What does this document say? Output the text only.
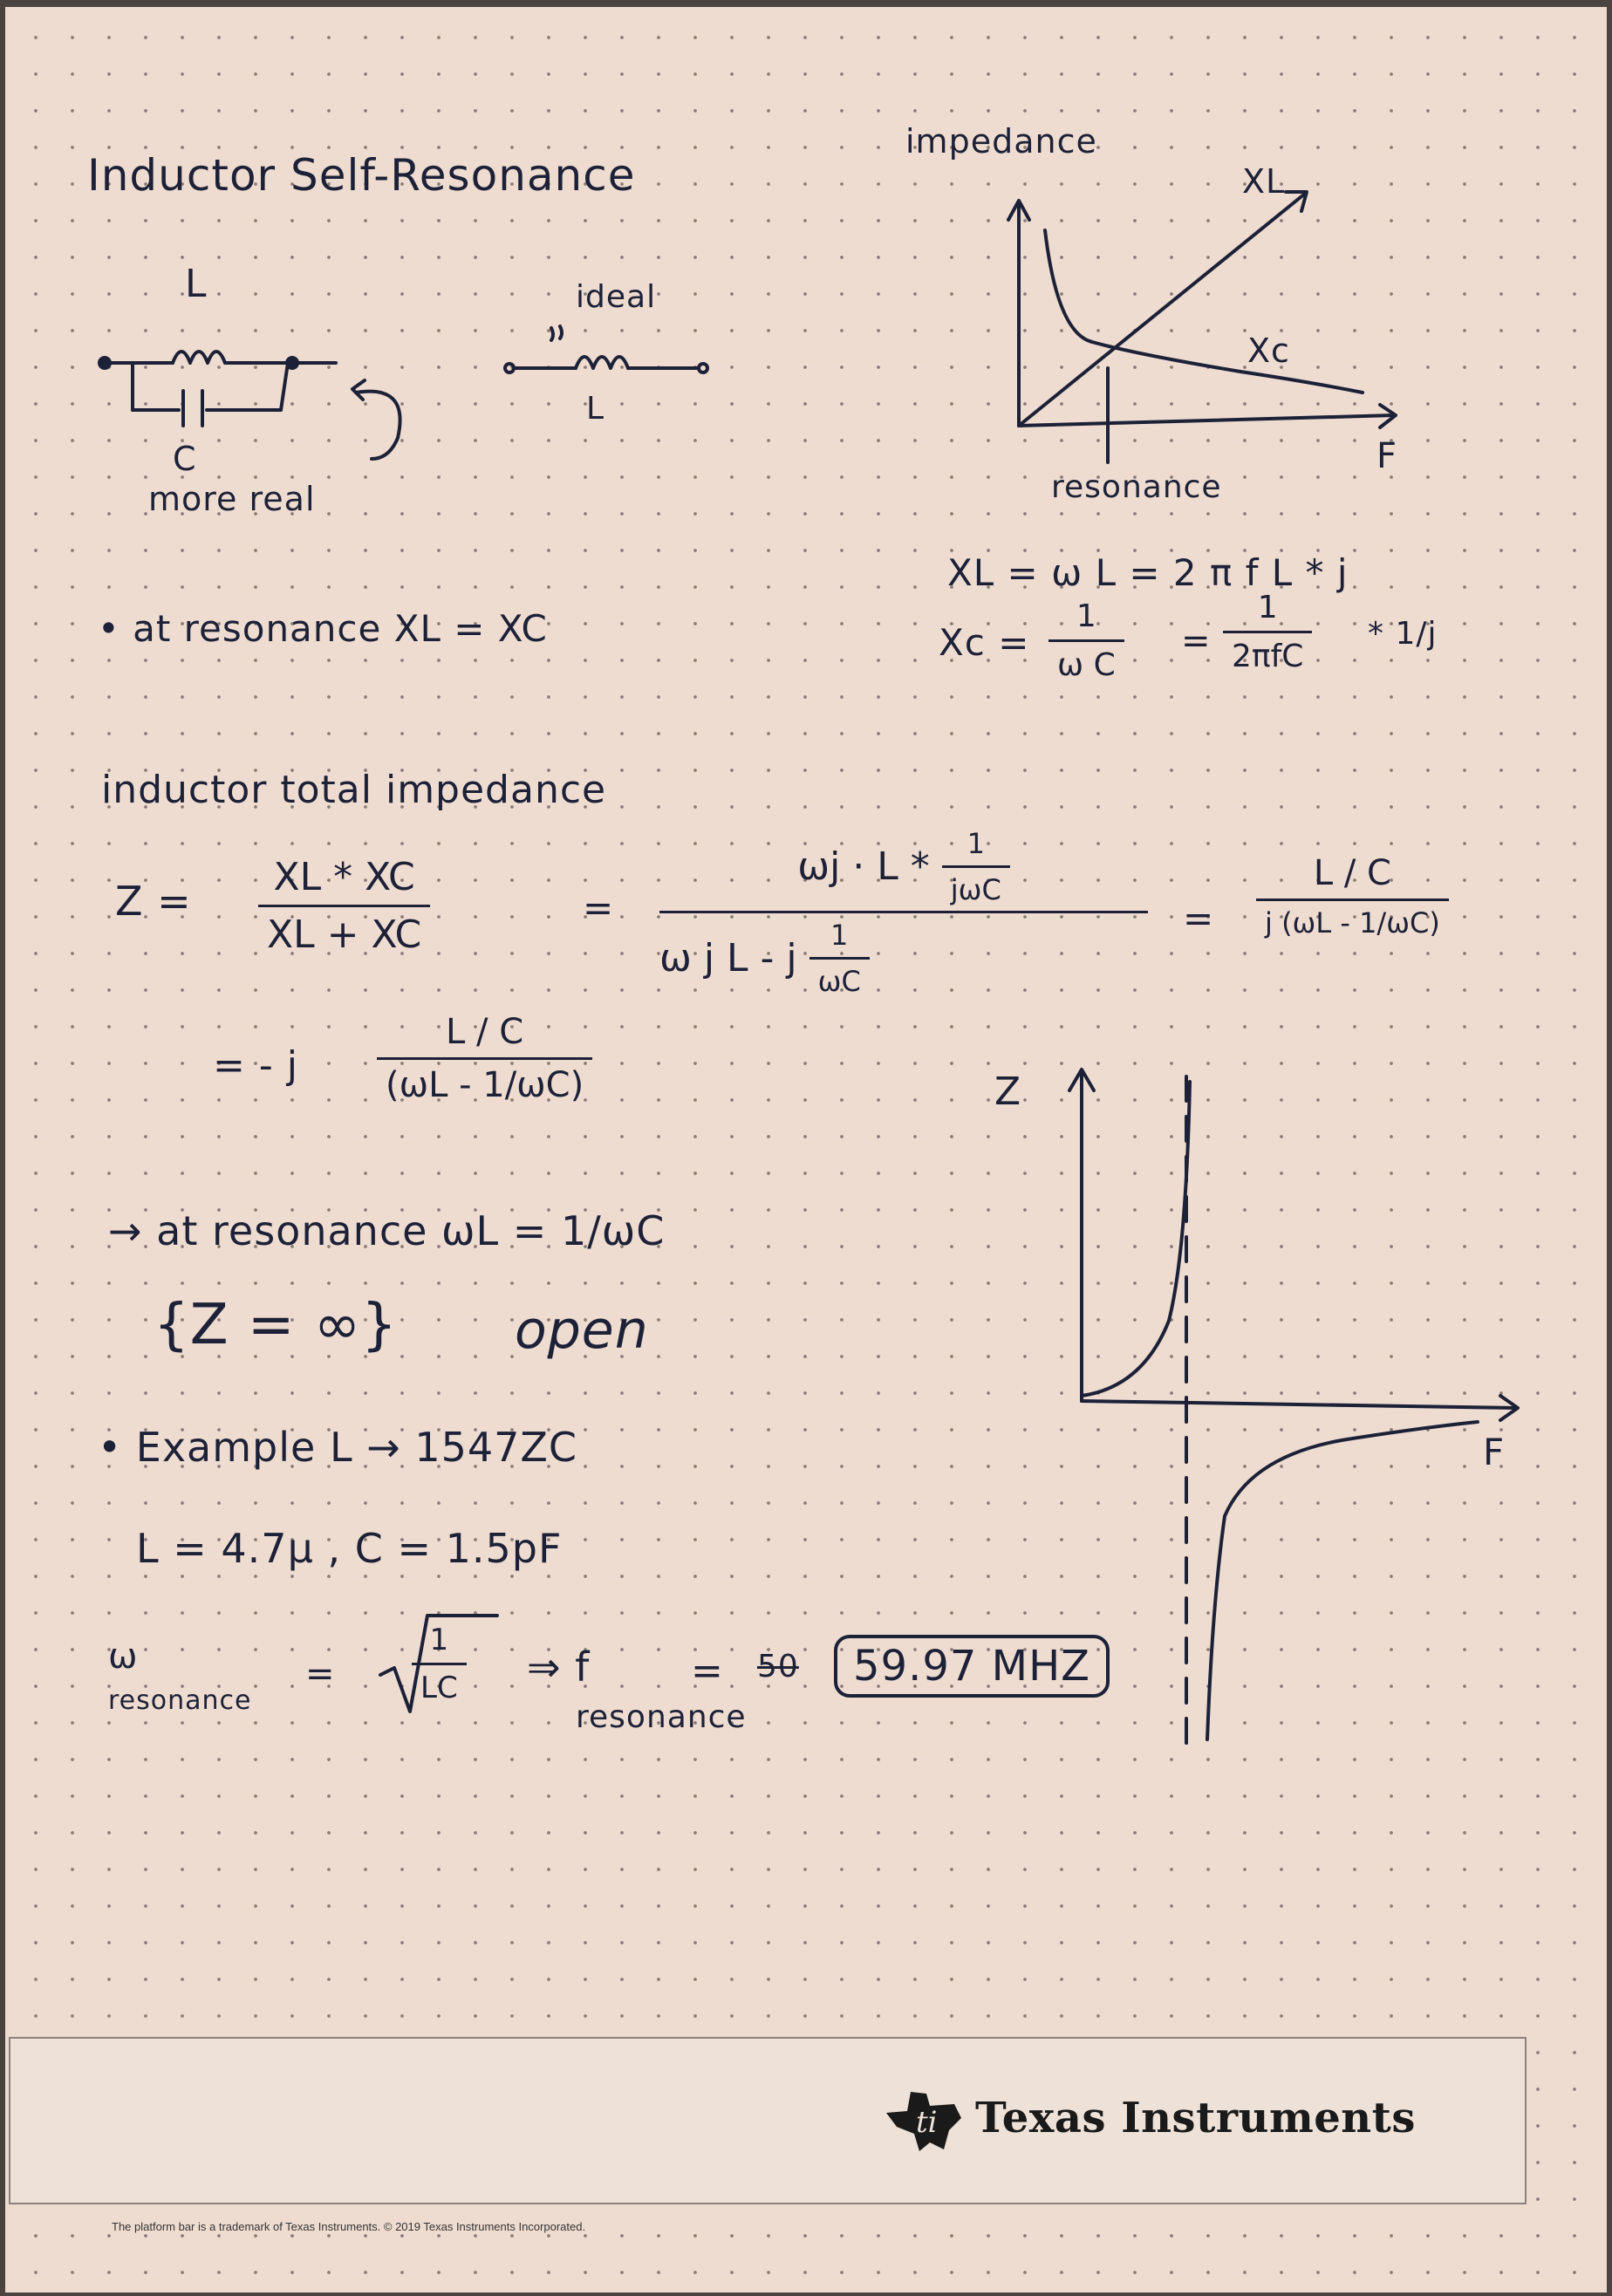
Inductor Self-Resonance
L
C
more real
ideal
L
impedance
XL
Xc
F
resonance
XL = ω L = 2 π f L * j
Xc =
1
ω C
=
1
2πfC
* 1/j
• at resonance XL = XC
inductor total impedance
Z =
XL * XC
XL + XC
=
$\omega j \cdot L * \frac{1}{\text{jωC}}$
ω j L - j $\frac{1}{\omega C}$	=
L / C
j (ωL - 1/ωC)
= - j
L / C
(ωL - 1/ωC)
→ at resonance ωL = 1/ωC
{Z = ∞} open
Z
F
• Example L → 1547ZC
L = 4.7μ , C = 1.5pF
ω
resonance
=
1
LC ⇒ f
resonance
= 50	59.97 MHZ
ti Texas Instruments
The platform bar is a trademark of Texas Instruments. © 2019 Texas Instruments Incorporated.
